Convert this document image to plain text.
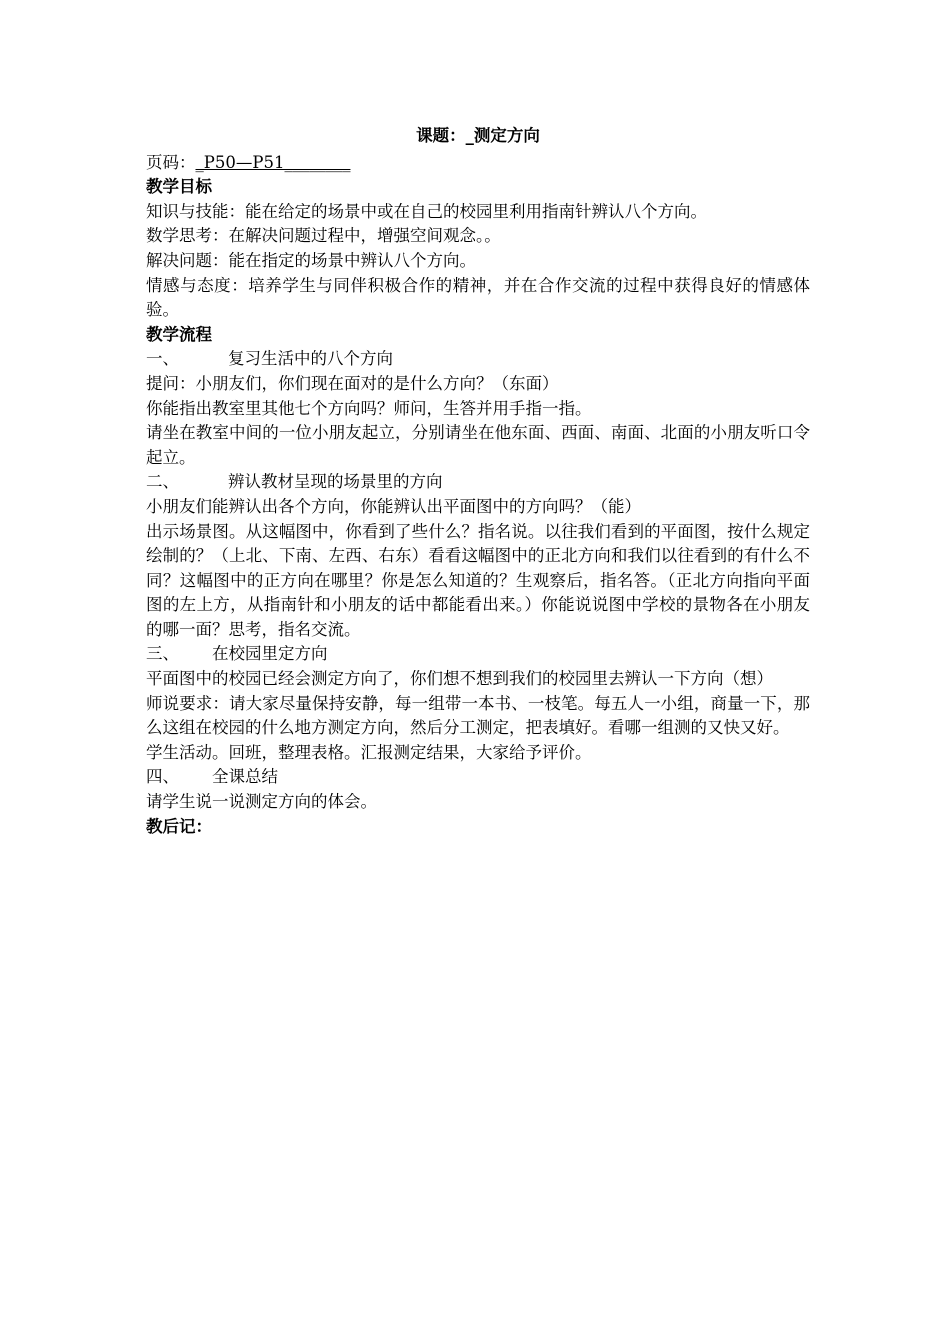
课题：_测定方向

页码：_P50—P51________

教学目标

知识与技能：能在给定的场景中或在自己的校园里利用指南针辨认八个方向。

数学思考：在解决问题过程中，增强空间观念。。

解决问题：能在指定的场景中辨认八个方向。

情感与态度：培养学生与同伴积极合作的精神，并在合作交流的过程中获得良好的情感体验。

教学流程

一、	复习生活中的八个方向

提问：小朋友们，你们现在面对的是什么方向？（东面）

你能指出教室里其他七个方向吗？师问，生答并用手指一指。

请坐在教室中间的一位小朋友起立，分别请坐在他东面、西面、南面、北面的小朋友听口令起立。

二、	辨认教材呈现的场景里的方向

小朋友们能辨认出各个方向，你能辨认出平面图中的方向吗？（能）

出示场景图。从这幅图中，你看到了些什么？指名说。以往我们看到的平面图，按什么规定绘制的？（上北、下南、左西、右东）看看这幅图中的正北方向和我们以往看到的有什么不同？这幅图中的正方向在哪里？你是怎么知道的？生观察后，指名答。（正北方向指向平面图的左上方，从指南针和小朋友的话中都能看出来。）你能说说图中学校的景物各在小朋友的哪一面？思考，指名交流。

三、	在校园里定方向

平面图中的校园已经会测定方向了，你们想不想到我们的校园里去辨认一下方向（想）

师说要求：请大家尽量保持安静，每一组带一本书、一枝笔。每五人一小组，商量一下，那么这组在校园的什么地方测定方向，然后分工测定，把表填好。看哪一组测的又快又好。

学生活动。回班，整理表格。汇报测定结果，大家给予评价。

四、	全课总结

请学生说一说测定方向的体会。

教后记：
